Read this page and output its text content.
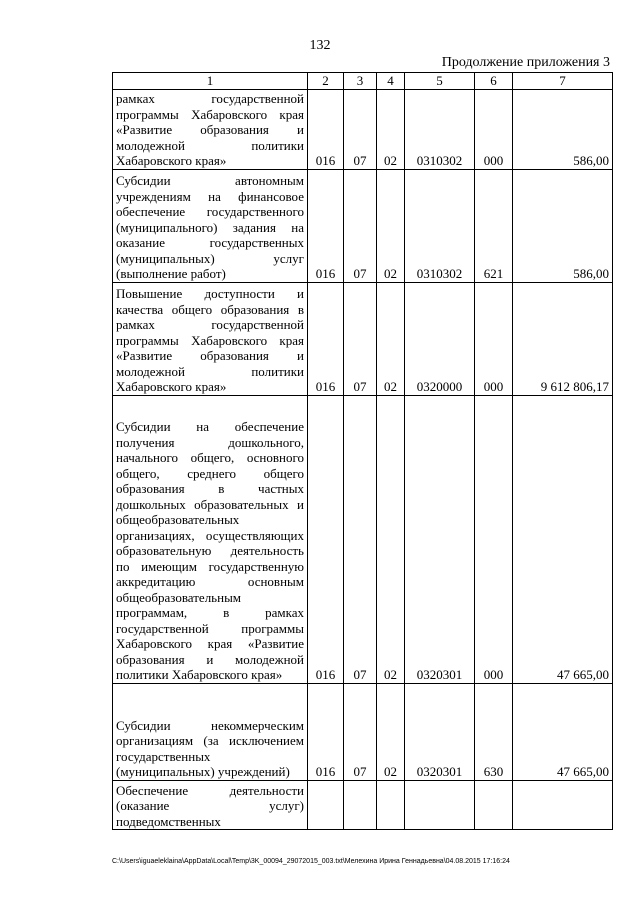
132
Продолжение приложения 3
1	2	3	4	5	6	7
рамках государственной программы Хабаровского края «Развитие образования и молодежной политики Хабаровского края»	016	07	02	0310302	000	586,00
Субсидии автономным учреждениям на финансовое обеспечение государственного (муниципального) задания на оказание государственных (муниципальных) услуг (выполнение работ)	016	07	02	0310302	621	586,00
Повышение доступности и качества общего образования в рамках государственной программы Хабаровского края «Развитие образования и молодежной политики Хабаровского края»	016	07	02	0320000	000	9 612 806,17
Субсидии на обеспечение получения дошкольного, начального общего, основного общего, среднего общего образования в частных дошкольных образовательных и общеобразовательных организациях, осуществляющих образовательную деятельность по имеющим государственную аккредитацию основным общеобразовательным программам, в рамках государственной программы Хабаровского края «Развитие образования и молодежной политики Хабаровского края»	016	07	02	0320301	000	47 665,00
Субсидии некоммерческим организациям (за исключением государственных (муниципальных) учреждений)	016	07	02	0320301	630	47 665,00
Обеспечение деятельности (оказание услуг) подведомственных						
C:\Users\iguaeleklaina\AppData\Local\Temp\3K_00094_29072015_003.txt\Мелехина Ирина Геннадьевна\04.08.2015 17:16:24
